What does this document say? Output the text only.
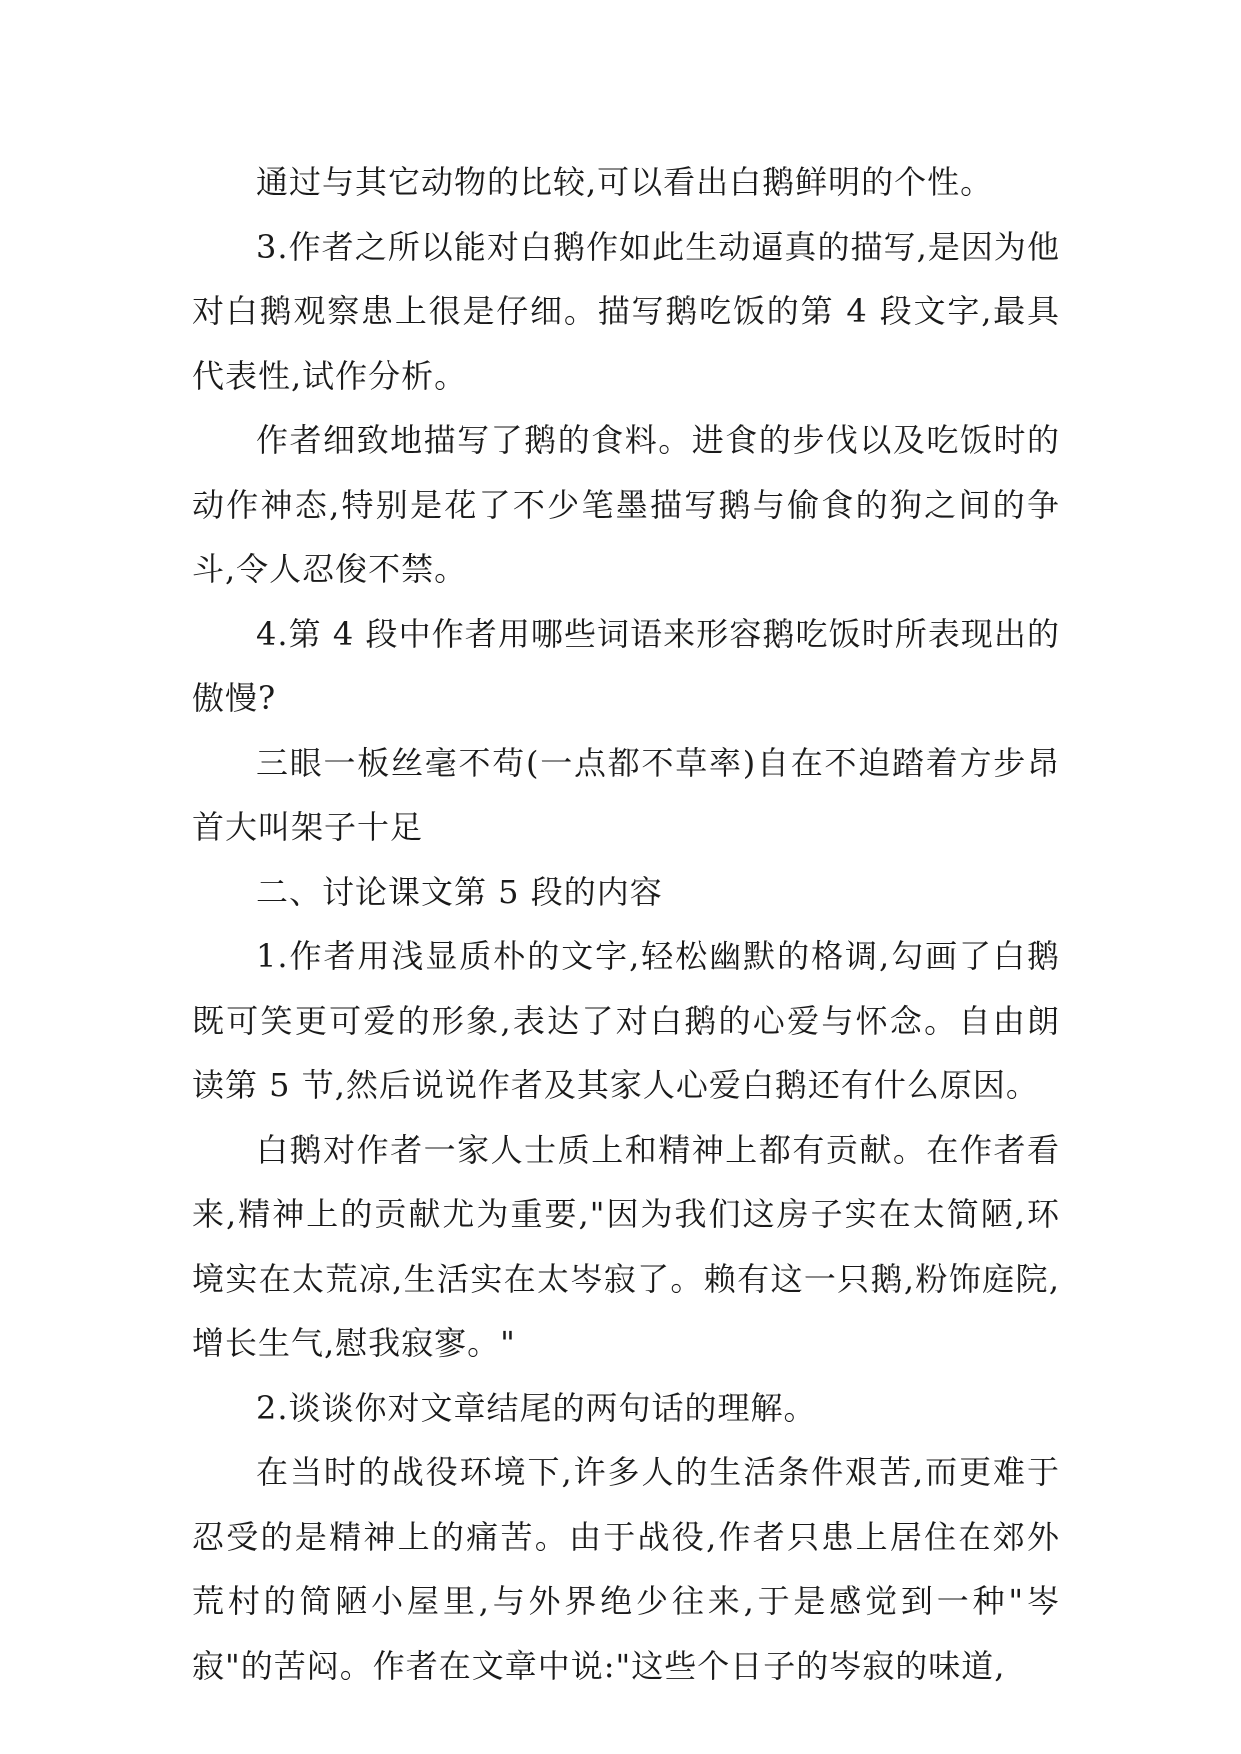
通过与其它动物的比较,可以看出白鹅鲜明的个性。

3.作者之所以能对白鹅作如此生动逼真的描写,是因为他对白鹅观察患上很是仔细。描写鹅吃饭的第 4 段文字,最具代表性,试作分析。

作者细致地描写了鹅的食料。进食的步伐以及吃饭时的动作神态,特别是花了不少笔墨描写鹅与偷食的狗之间的争斗,令人忍俊不禁。

4.第 4 段中作者用哪些词语来形容鹅吃饭时所表现出的傲慢?

三眼一板丝毫不苟(一点都不草率)自在不迫踏着方步昂首大叫架子十足

二、讨论课文第 5 段的内容

1.作者用浅显质朴的文字,轻松幽默的格调,勾画了白鹅既可笑更可爱的形象,表达了对白鹅的心爱与怀念。自由朗读第 5 节,然后说说作者及其家人心爱白鹅还有什么原因。

白鹅对作者一家人士质上和精神上都有贡献。在作者看来,精神上的贡献尤为重要,"因为我们这房子实在太简陋,环境实在太荒凉,生活实在太岑寂了。赖有这一只鹅,粉饰庭院,增长生气,慰我寂寥。"

2.谈谈你对文章结尾的两句话的理解。

在当时的战役环境下,许多人的生活条件艰苦,而更难于忍受的是精神上的痛苦。由于战役,作者只患上居住在郊外荒村的简陋小屋里,与外界绝少往来,于是感觉到一种"岑寂"的苦闷。作者在文章中说:"这些个日子的岑寂的味道,
